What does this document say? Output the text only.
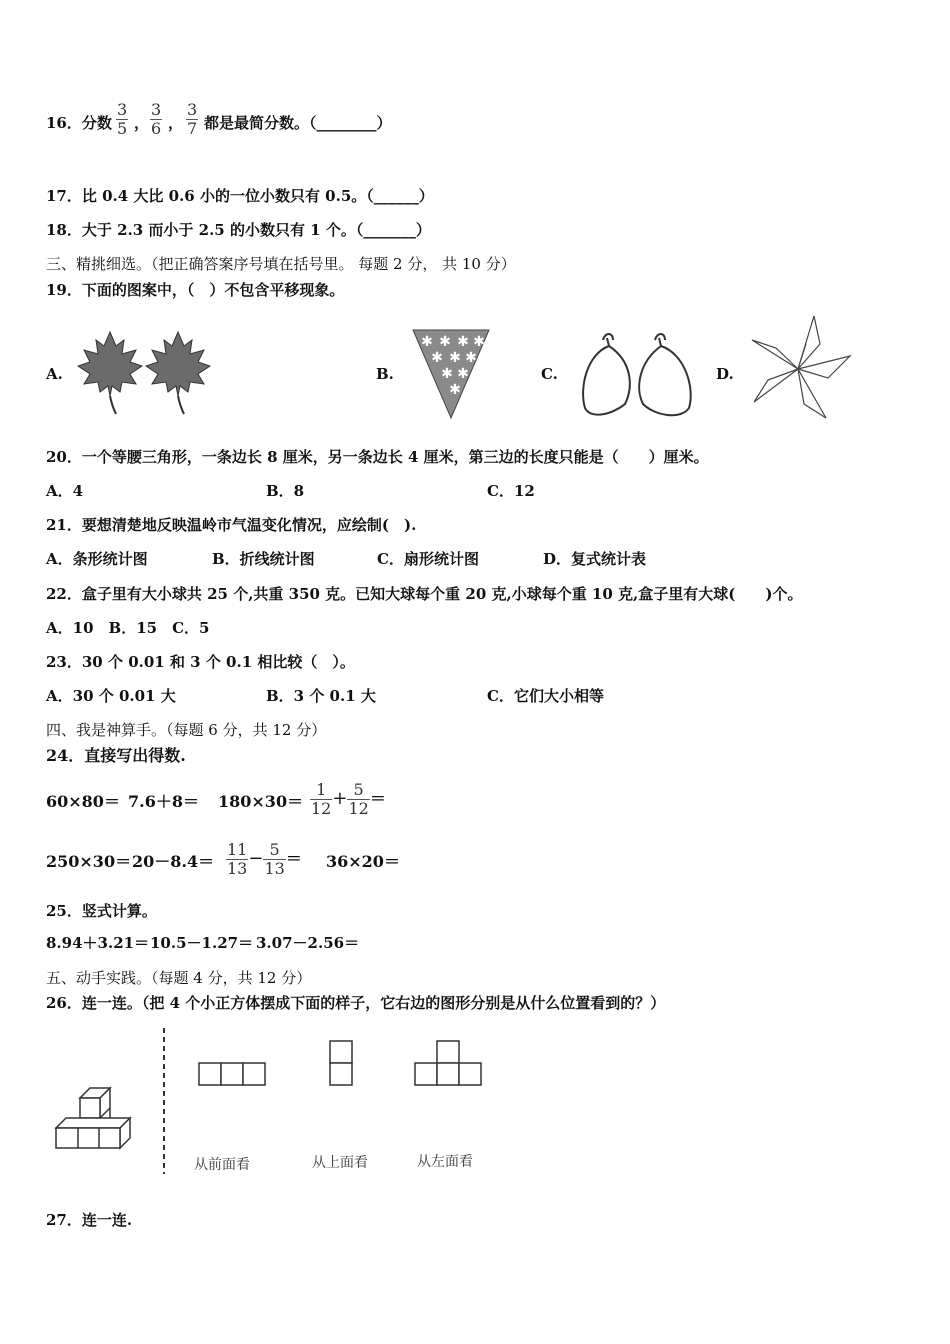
16．分数 $\frac{3}{5}$ ， $\frac{3}{6}$ ， $\frac{3}{7}$ 都是最简分数。（________）
17．比 0.4 大比 0.6 小的一位小数只有 0.5。（______）
18．大于 2.3 而小于 2.5 的小数只有 1 个。（_______）
三、精挑细选。（把正确答案序号填在括号里。 每题 2 分， 共 10 分）
19．下面的图案中，（　）不包含平移现象。
A.	B.	C.	D.
✱ ✱ ✱ ✱
✱ ✱ ✱
✱ ✱
✱
20．一个等腰三角形，一条边长 8 厘米，另一条边长 4 厘米，第三边的长度只能是（　　）厘米。
A．4	B．8	C．12
21．要想清楚地反映温岭市气温变化情况，应绘制(　).
A．条形统计图	B．折线统计图	C．扇形统计图	D．复式统计表
22．盒子里有大小球共 25 个,共重 350 克。已知大球每个重 20 克,小球每个重 10 克,盒子里有大球(　　)个。
A．10　B．15　C．5
23．30 个 0.01 和 3 个 0.1 相比较（　）。
A．30 个 0.01 大	B．3 个 0.1 大	C．它们大小相等
四、我是神算手。（每题 6 分，共 12 分）
24．直接写出得数.
$60\times 80= 7.6+8= 180\times 30= \frac{1}{12} + \frac{5}{12}$ ＝
$250\times 30= 20-8.4= \frac{11}{13} - \frac{5}{13} = 36\times 20=$
25．竖式计算。
8.94＋3.21＝ 10.5－1.27＝ 3.07－2.56＝
五、动手实践。（每题 4 分，共 12 分）
26．连一连。（把 4 个小正方体摆成下面的样子，它右边的图形分别是从什么位置看到的？）
从前面看	从上面看	从左面看
27．连一连.
